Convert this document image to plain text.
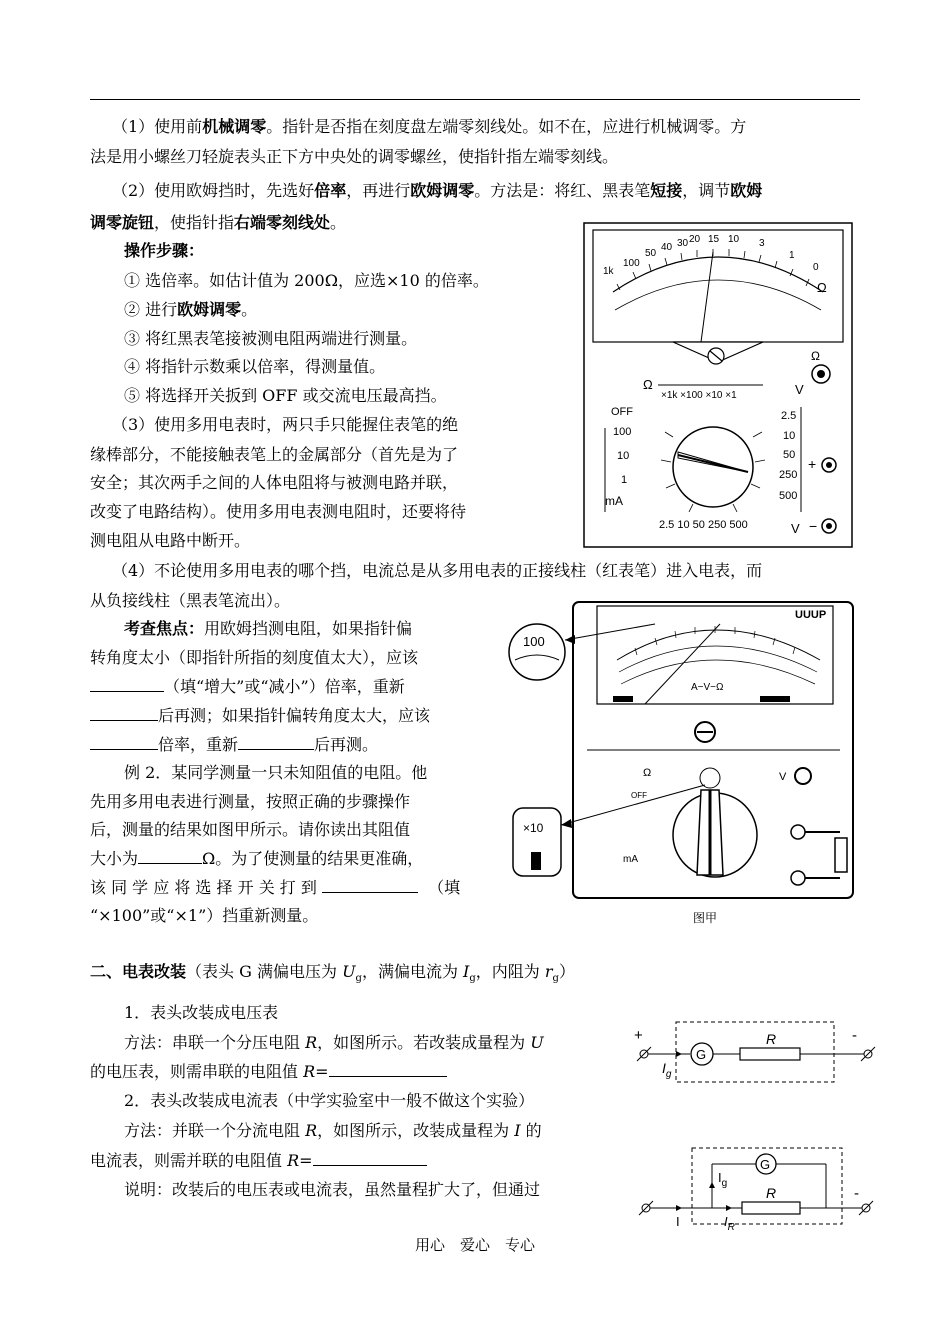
（1）使用前机械调零。指针是否指在刻度盘左端零刻线处。如不在，应进行机械调零。方
法是用小螺丝刀轻旋表头正下方中央处的调零螺丝，使指针指左端零刻线。
（2）使用欧姆挡时，先选好倍率，再进行欧姆调零。方法是：将红、黑表笔短接，调节欧姆
调零旋钮，使指针指右端零刻线处。
操作步骤：
① 选倍率。如估计值为 200Ω，应选×10 的倍率。
② 进行欧姆调零。
③ 将红黑表笔接被测电阻两端进行测量。
④ 将指针示数乘以倍率，得测量值。
⑤ 将选择开关扳到 OFF 或交流电压最高挡。
（3）使用多用电表时，两只手只能握住表笔的绝
缘棒部分，不能接触表笔上的金属部分（首先是为了
安全；其次两手之间的人体电阻将与被测电路并联，
改变了电路结构）。使用多用电表测电阻时，还要将待
测电阻从电路中断开。
1k
100
50
40 30 20 15 10 3
1
0
Ω
Ω
Ω
×1k ×100 ×10 ×1	V
OFF
100
10
1
mA
2.5
10
50
250
500
2.5 10 50 250 500
+
V −
（4）不论使用多用电表的哪个挡，电流总是从多用电表的正接线柱（红表笔）进入电表，而
从负接线柱（黑表笔流出）。
考查焦点：用欧姆挡测电阻，如果指针偏
转角度太小（即指针所指的刻度值太大），应该
（填“增大”或“减小”）倍率，重新
后再测；如果指针偏转角度太大，应该
倍率，重新	后再测。
例 2．某同学测量一只未知阻值的电阻。他
先用多用电表进行测量，按照正确的步骤操作
后，测量的结果如图甲所示。请你读出其阻值
大小为	Ω。为了使测量的结果更准确，
该 同 学 应 将 选 择 开 关 打 到	（填
“×100”或“×1”）挡重新测量。
UUUP
A−V−Ω
Ω	V
OFF
mA
100
×10
图甲
二、电表改装（表头 G 满偏电压为 $U_g$，满偏电流为 $I_g$，内阻为 $r_g$）
1．表头改装成电压表
方法：串联一个分压电阻 R，如图所示。若改装成量程为 U
的电压表，则需串联的电阻值 R=
2．表头改装成电流表（中学实验室中一般不做这个实验）
方法：并联一个分流电阻 R，如图所示，改装成量程为 I 的
电流表，则需并联的电阻值 R=
说明：改装后的电压表或电流表，虽然量程扩大了，但通过
+
$I_g$
G
R	-
I
$I_g$
G
$I_R$
R	-
用心　爱心　专心
